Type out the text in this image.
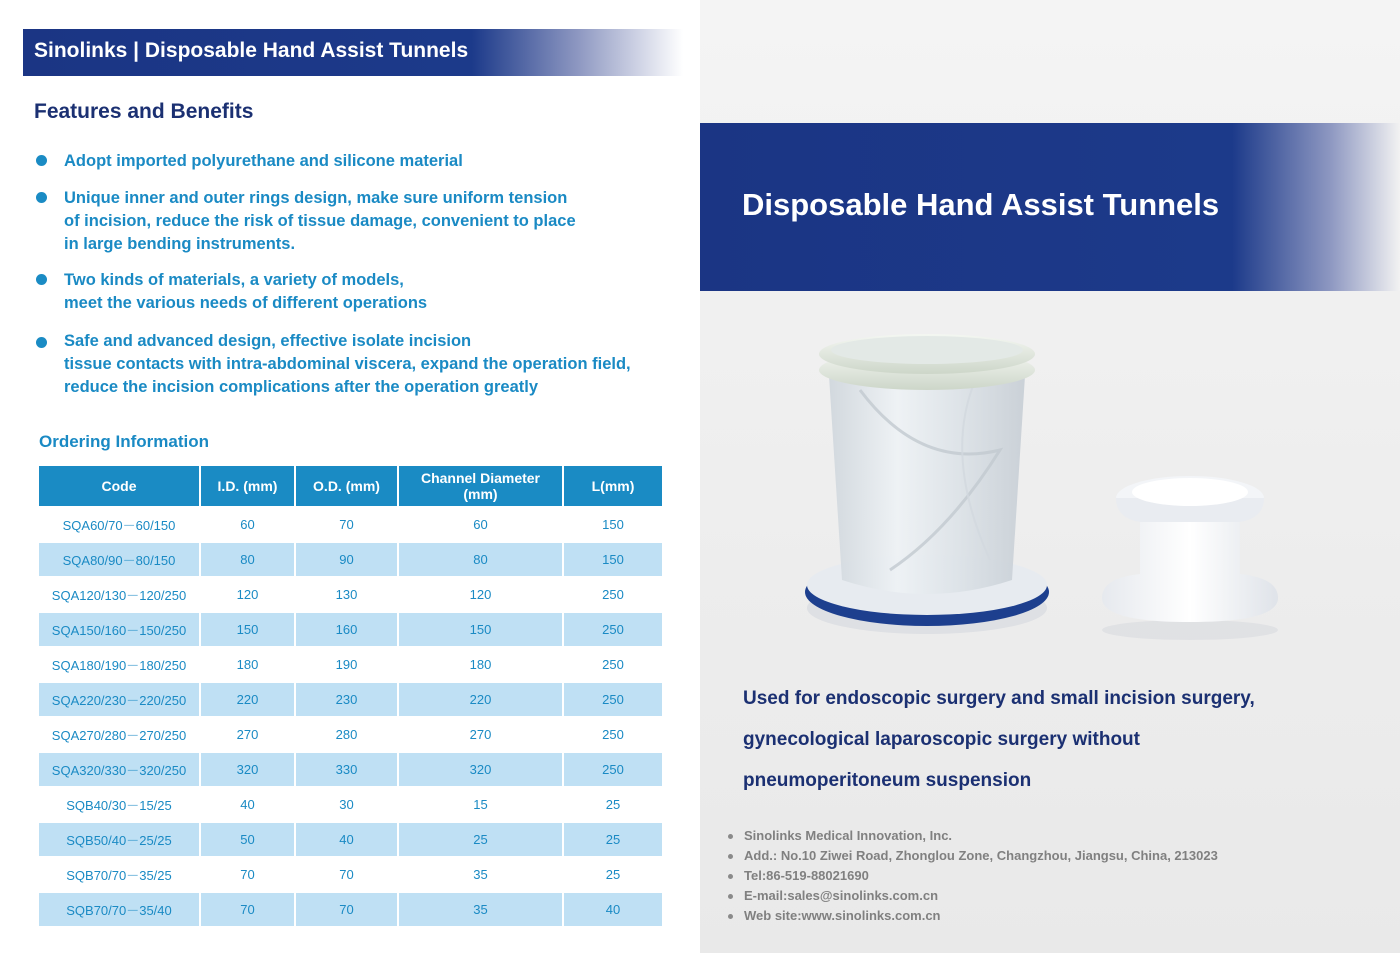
Sinolinks | Disposable Hand Assist Tunnels
Features and Benefits
Adopt imported polyurethane and silicone material
Unique inner and outer rings design, make sure uniform tension
of incision, reduce the risk of tissue damage, convenient to place
in large bending instruments.
Two kinds of materials, a variety of models,
meet the various needs of different operations
Safe and advanced design, effective isolate incision
tissue contacts with intra-abdominal viscera, expand the operation field,
reduce the incision complications after the operation greatly
Ordering Information
Code	I.D. (mm)	O.D. (mm)	Channel Diameter (mm)	L(mm)
SQA60/70－60/150	60	70	60	150
SQA80/90－80/150	80	90	80	150
SQA120/130－120/250	120	130	120	250
SQA150/160－150/250	150	160	150	250
SQA180/190－180/250	180	190	180	250
SQA220/230－220/250	220	230	220	250
SQA270/280－270/250	270	280	270	250
SQA320/330－320/250	320	330	320	250
SQB40/30－15/25	40	30	15	25
SQB50/40－25/25	50	40	25	25
SQB70/70－35/25	70	70	35	25
SQB70/70－35/40	70	70	35	40
Disposable Hand Assist Tunnels
Used for endoscopic surgery and small incision surgery,
gynecological laparoscopic surgery without
pneumoperitoneum suspension
Sinolinks Medical Innovation, Inc.
Add.: No.10 Ziwei Road, Zhonglou Zone, Changzhou, Jiangsu, China, 213023
Tel:86-519-88021690
E-mail:sales@sinolinks.com.cn
Web site:www.sinolinks.com.cn
